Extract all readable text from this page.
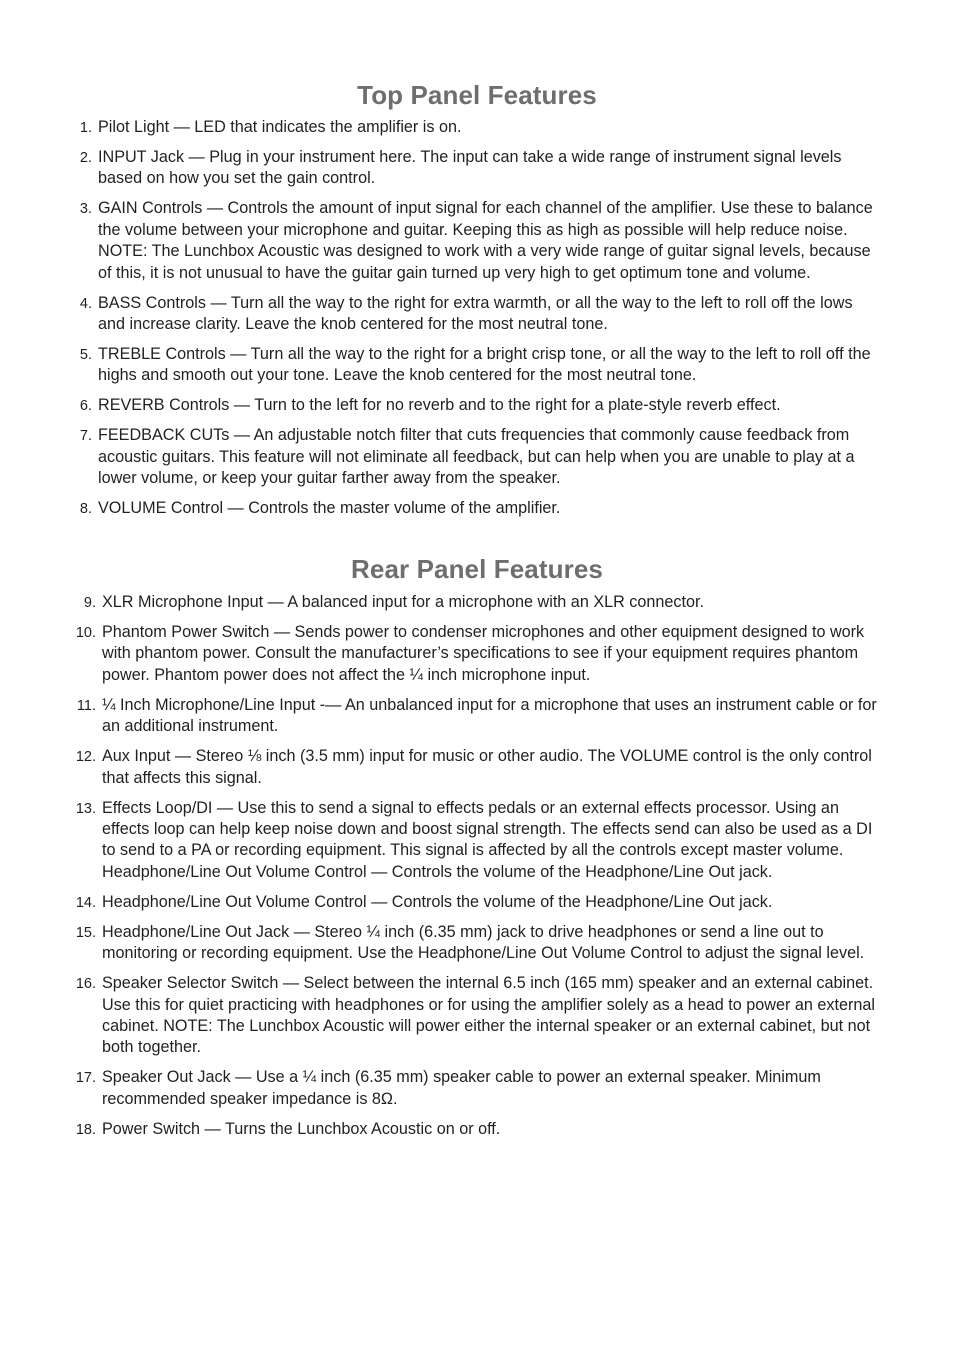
Top Panel Features
1. Pilot Light — LED that indicates the amplifier is on.
2. INPUT Jack — Plug in your instrument here. The input can take a wide range of instrument signal levels based on how you set the gain control.
3. GAIN Controls — Controls the amount of input signal for each channel of the amplifier. Use these to balance the volume between your microphone and guitar. Keeping this as high as possible will help reduce noise. NOTE: The Lunchbox Acoustic was designed to work with a very wide range of guitar signal levels, because of this, it is not unusual to have the guitar gain turned up very high to get optimum tone and volume.
4. BASS Controls — Turn all the way to the right for extra warmth, or all the way to the left to roll off the lows and increase clarity. Leave the knob centered for the most neutral tone.
5. TREBLE Controls — Turn all the way to the right for a bright crisp tone, or all the way to the left to roll off the highs and smooth out your tone. Leave the knob centered for the most neutral tone.
6. REVERB Controls — Turn to the left for no reverb and to the right for a plate-style reverb effect.
7. FEEDBACK CUTs — An adjustable notch filter that cuts frequencies that commonly cause feedback from acoustic guitars. This feature will not eliminate all feedback, but can help when you are unable to play at a lower volume, or keep your guitar farther away from the speaker.
8. VOLUME Control — Controls the master volume of the amplifier.
Rear Panel Features
9. XLR Microphone Input — A balanced input for a microphone with an XLR connector.
10. Phantom Power Switch — Sends power to condenser microphones and other equipment designed to work with phantom power. Consult the manufacturer’s specifications to see if your equipment requires phantom power. Phantom power does not affect the ¼ inch microphone input.
11. ¼ Inch Microphone/Line Input -— An unbalanced input for a microphone that uses an instrument cable or for an additional instrument.
12. Aux Input — Stereo ⅛ inch (3.5 mm) input for music or other audio. The VOLUME control is the only control that affects this signal.
13. Effects Loop/DI — Use this to send a signal to effects pedals or an external effects processor. Using an effects loop can help keep noise down and boost signal strength. The effects send can also be used as a DI to send to a PA or recording equipment. This signal is affected by all the controls except master volume. Headphone/Line Out Volume Control — Controls the volume of the Headphone/Line Out jack.
14. Headphone/Line Out Volume Control — Controls the volume of the Headphone/Line Out jack.
15. Headphone/Line Out Jack — Stereo ¼ inch (6.35 mm) jack to drive headphones or send a line out to monitoring or recording equipment. Use the Headphone/Line Out Volume Control to adjust the signal level.
16. Speaker Selector Switch — Select between the internal 6.5 inch (165 mm) speaker and an external cabinet. Use this for quiet practicing with headphones or for using the amplifier solely as a head to power an external cabinet. NOTE: The Lunchbox Acoustic will power either the internal speaker or an external cabinet, but not both together.
17. Speaker Out Jack — Use a ¼ inch (6.35 mm) speaker cable to power an external speaker. Minimum recommended speaker impedance is 8Ω.
18. Power Switch — Turns the Lunchbox Acoustic on or off.
